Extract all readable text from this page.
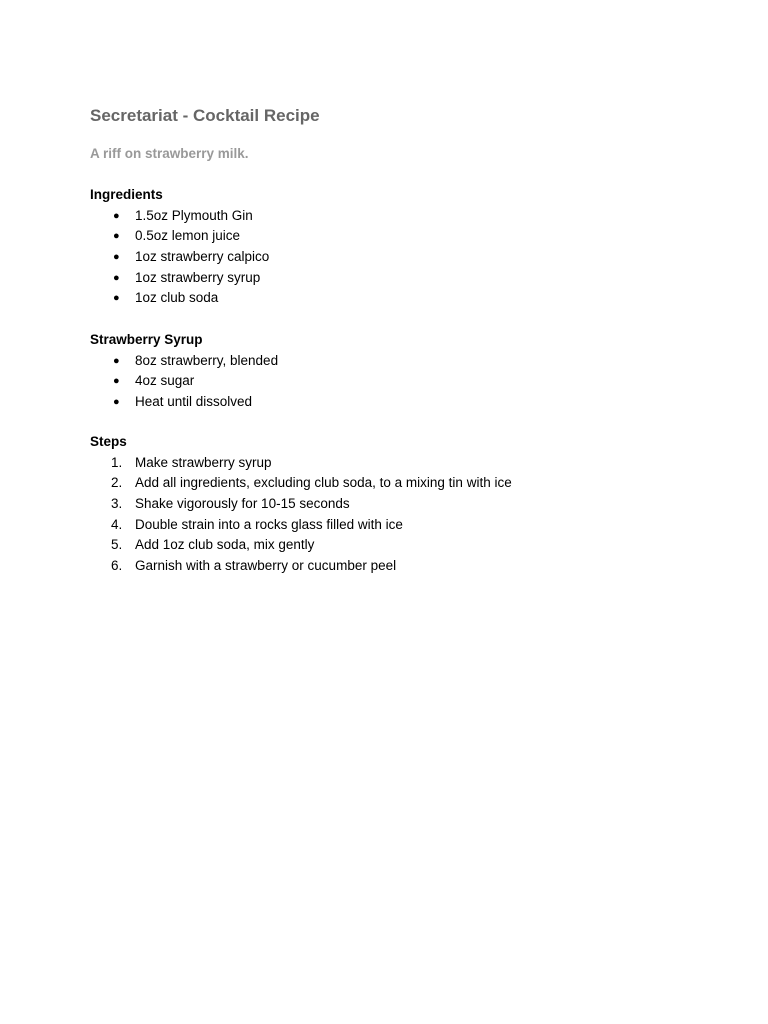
Secretariat - Cocktail Recipe

A riff on strawberry milk.

Ingredients
●	1.5oz Plymouth Gin
●	0.5oz lemon juice
●	1oz strawberry calpico
●	1oz strawberry syrup
●	1oz club soda
Strawberry Syrup
●	8oz strawberry, blended
●	4oz sugar
●	Heat until dissolved
Steps
1. Make strawberry syrup
2. Add all ingredients, excluding club soda, to a mixing tin with ice
3. Shake vigorously for 10-15 seconds
4. Double strain into a rocks glass filled with ice
5. Add 1oz club soda, mix gently
6. Garnish with a strawberry or cucumber peel
